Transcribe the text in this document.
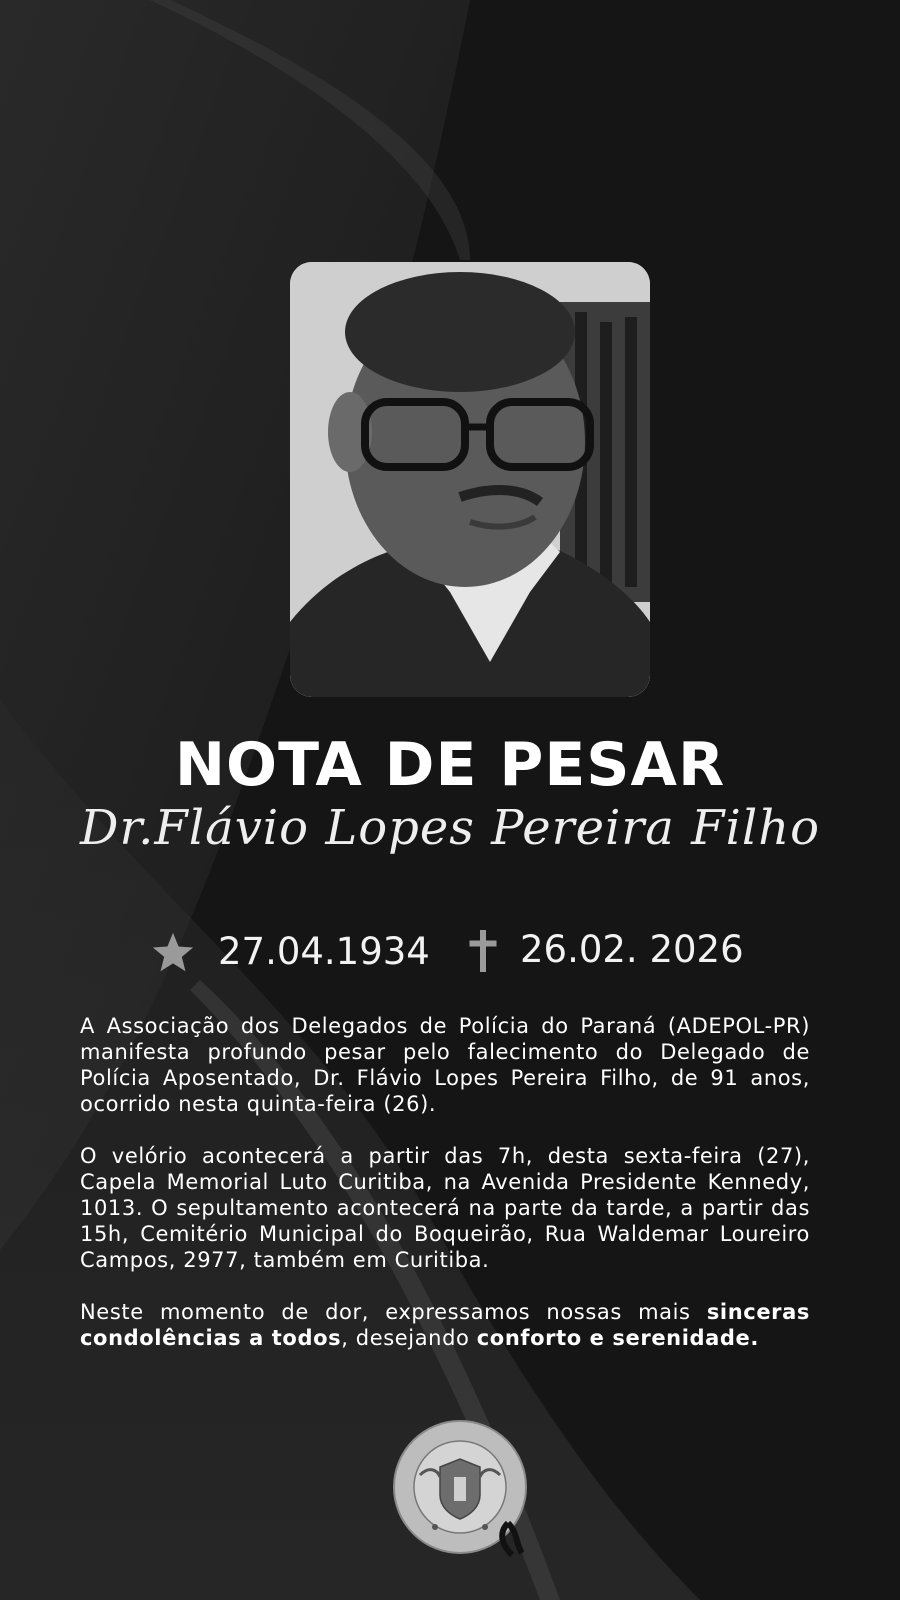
NOTA DE PESAR
Dr.Flávio Lopes Pereira Filho
27.04.1934 26.02. 2026

A Associação dos Delegados de Polícia do Paraná (ADEPOL-PR) manifesta profundo pesar pelo falecimento do Delegado de Polícia Aposentado, Dr. Flávio Lopes Pereira Filho, de 91 anos, ocorrido nesta quinta-feira (26).

O velório acontecerá a partir das 7h, desta sexta-feira (27), Capela Memorial Luto Curitiba, na Avenida Presidente Kennedy, 1013. O sepultamento acontecerá na parte da tarde, a partir das 15h, Cemitério Municipal do Boqueirão, Rua Waldemar Loureiro Campos, 2977, também em Curitiba.

Neste momento de dor, expressamos nossas mais sinceras condolências a todos, desejando conforto e serenidade.
